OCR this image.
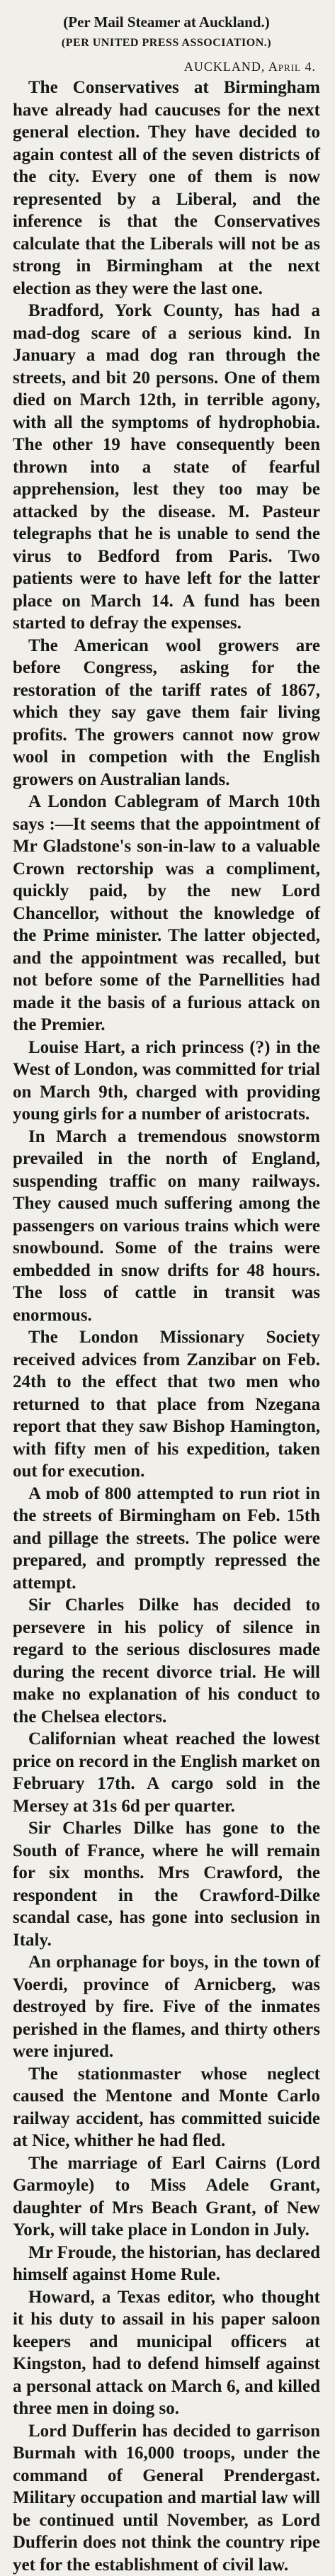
(Per Mail Steamer at Auckland.)

(PER UNITED PRESS ASSOCIATION.)

AUCKLAND, April 4.

The Conservatives at Birmingham have already had caucuses for the next general election. They have decided to again contest all of the seven districts of the city. Every one of them is now represented by a Liberal, and the inference is that the Conservatives calculate that the Liberals will not be as strong in Birmingham at the next election as they were the last one.

Bradford, York County, has had a mad-dog scare of a serious kind. In January a mad dog ran through the streets, and bit 20 persons. One of them died on March 12th, in terrible agony, with all the symptoms of hydrophobia. The other 19 have consequently been thrown into a state of fearful apprehension, lest they too may be attacked by the disease. M. Pasteur telegraphs that he is unable to send the virus to Bedford from Paris. Two patients were to have left for the latter place on March 14. A fund has been started to defray the expenses.

The American wool growers are before Congress, asking for the restoration of the tariff rates of 1867, which they say gave them fair living profits. The growers cannot now grow wool in competion with the English growers on Australian lands.

A London Cablegram of March 10th says :—It seems that the appointment of Mr Gladstone's son-in-law to a valuable Crown rectorship was a compliment, quickly paid, by the new Lord Chancellor, without the knowledge of the Prime minister. The latter objected, and the appointment was recalled, but not before some of the Parnellities had made it the basis of a furious attack on the Premier.

Louise Hart, a rich princess (?) in the West of London, was committed for trial on March 9th, charged with providing young girls for a number of aristocrats.

In March a tremendous snowstorm prevailed in the north of England, suspending traffic on many railways. They caused much suffering among the passengers on various trains which were snowbound. Some of the trains were embedded in snow drifts for 48 hours. The loss of cattle in transit was enormous.

The London Missionary Society received advices from Zanzibar on Feb. 24th to the effect that two men who returned to that place from Nzegana report that they saw Bishop Hamington, with fifty men of his expedition, taken out for execution.

A mob of 800 attempted to run riot in the streets of Birmingham on Feb. 15th and pillage the streets. The police were prepared, and promptly repressed the attempt.

Sir Charles Dilke has decided to persevere in his policy of silence in regard to the serious disclosures made during the recent divorce trial. He will make no explanation of his conduct to the Chelsea electors.

Californian wheat reached the lowest price on record in the English market on February 17th. A cargo sold in the Mersey at 31s 6d per quarter.

Sir Charles Dilke has gone to the South of France, where he will remain for six months. Mrs Crawford, the respondent in the Crawford-Dilke scandal case, has gone into seclusion in Italy.

An orphanage for boys, in the town of Voerdi, province of Arnicberg, was destroyed by fire. Five of the inmates perished in the flames, and thirty others were injured.

The stationmaster whose neglect caused the Mentone and Monte Carlo railway accident, has committed suicide at Nice, whither he had fled.

The marriage of Earl Cairns (Lord Garmoyle) to Miss Adele Grant, daughter of Mrs Beach Grant, of New York, will take place in London in July.

Mr Froude, the historian, has declared himself against Home Rule.

Howard, a Texas editor, who thought it his duty to assail in his paper saloon keepers and municipal officers at Kingston, had to defend himself against a personal attack on March 6, and killed three men in doing so.

Lord Dufferin has decided to garrison Burmah with 16,000 troops, under the command of General Prendergast. Military occupation and martial law will be continued until November, as Lord Dufferin does not think the country ripe yet for the establishment of civil law.
